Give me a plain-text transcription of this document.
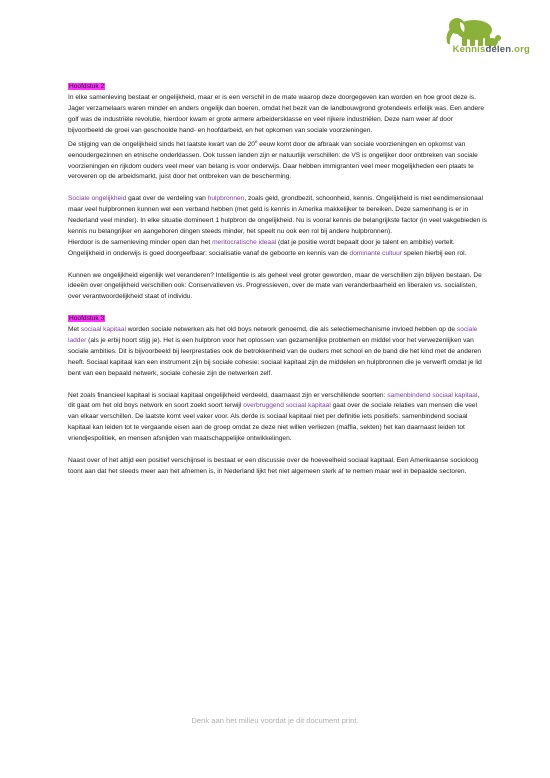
Kennisdelen.org

Hoofdstuk 2

In elke samenleving bestaat er ongelijkheid, maar er is een verschil in de mate waarop deze doorgegeven kan worden en hoe groot deze is. Jager verzamelaars waren minder en anders ongelijk dan boeren, omdat het bezit van de landbouwgrond grotendeels erfelijk was. Een andere golf was de industriële revolutie, hierdoor kwam er grote armere arbeidersklasse en veel rijkere industriëlen. Deze nam weer af door bijvoorbeeld de groei van geschoolde hand- en hoofdarbeid, en het opkomen van sociale voorzieningen.

De stijging van de ongelijkheid sinds het laatste kwart van de 20e eeuw komt door de afbraak van sociale voorzieningen en opkomst van eenoudergezinnen en etnische onderklassen. Ook tussen landen zijn er natuurlijk verschillen: de VS is ongelijker door ontbreken van sociale voorzieningen en rijkdom ouders veel meer van belang is voor onderwijs. Daar hebben immigranten veel meer mogelijkheden een plaats te veroveren op de arbeidsmarkt, juist door het ontbreken van de bescherming.

Sociale ongelijkheid gaat over de verdeling van hulpbronnen, zoals geld, grondbezit, schoonheid, kennis. Ongelijkheid is niet eendimensionaal maar veel hulpbronnen kunnen wel een verband hebben (met geld is kennis in Amerika makkelijker te bereiken. Deze samenhang is er in Nederland veel minder). In elke situatie domineert 1 hulpbron de ongelijkheid. Nu is vooral kennis de belangrijkste factor (in veel vakgebieden is kennis nu belangrijker en aangeboren dingen steeds minder, het speelt nu ook een rol bij andere hulpbronnen).
Hierdoor is de samenleving minder open dan het meritocratische ideaal (dat je positie wordt bepaalt door je talent en ambitie) vertelt. Ongelijkheid in onderwijs is goed doorgeefbaar: socialisatie vanaf de geboorte en kennis van de dominante cultuur spelen hierbij een rol.

Kunnen we ongelijkheid eigenlijk wel veranderen? Intelligentie is als geheel veel groter geworden, maar de verschillen zijn blijven bestaan. De ideeën over ongelijkheid verschillen ook: Conservatieven vs. Progressieven, over de mate van veranderbaarheid en liberalen vs. socialisten, over verantwoordelijkheid staat of individu.

Hoofdstuk 3

Met sociaal kapitaal worden sociale netwerken als het old boys network genoemd, die als selectiemechanisme invloed hebben op de sociale ladder (als je erbij hoort stijg je). Het is een hulpbron voor het oplossen van gezamenlijke problemen en middel voor het verwezenlijken van sociale ambities. Dit is bijvoorbeeld bij leerprestaties ook de betrokkenheid van de ouders met school en de band die het kind met de anderen heeft. Sociaal kapitaal kan een instrument zijn bij sociale cohesie: sociaal kapitaal zijn de middelen en hulpbronnen die je verwerft omdat je lid bent van een bepaald netwerk, sociale cohesie zijn de netwerken zelf.

Net zoals financieel kapitaal is sociaal kapitaal ongelijkheid verdeeld, daarnaast zijn er verschillende soorten: samenbindend sociaal kapitaal, dit gaat om het old boys network en soort zoekt soort terwijl overbruggend sociaal kapitaal gaat over de sociale relaties van mensen die veel van elkaar verschillen. De laatste komt veel vaker voor. Als derde is sociaal kapitaal niet per definitie iets positiefs: samenbindend sociaal kapitaal kan leiden tot te vergaande eisen aan de groep omdat ze deze niet willen verliezen (maffia, sekten) het kan daarnaast leiden tot vriendjespolitiek, en mensen afsnijden van maatschappelijke ontwikkelingen.

Naast over of het altijd een positief verschijnsel is bestaat er een discussie over de hoeveelheid sociaal kapitaal. Een Amerikaanse socioloog toont aan dat het steeds meer aan het afnemen is, in Nederland lijkt het niet algemeen sterk af te nemen maar wel in bepaalde sectoren.

Denk aan het milieu voordat je dit document print.
